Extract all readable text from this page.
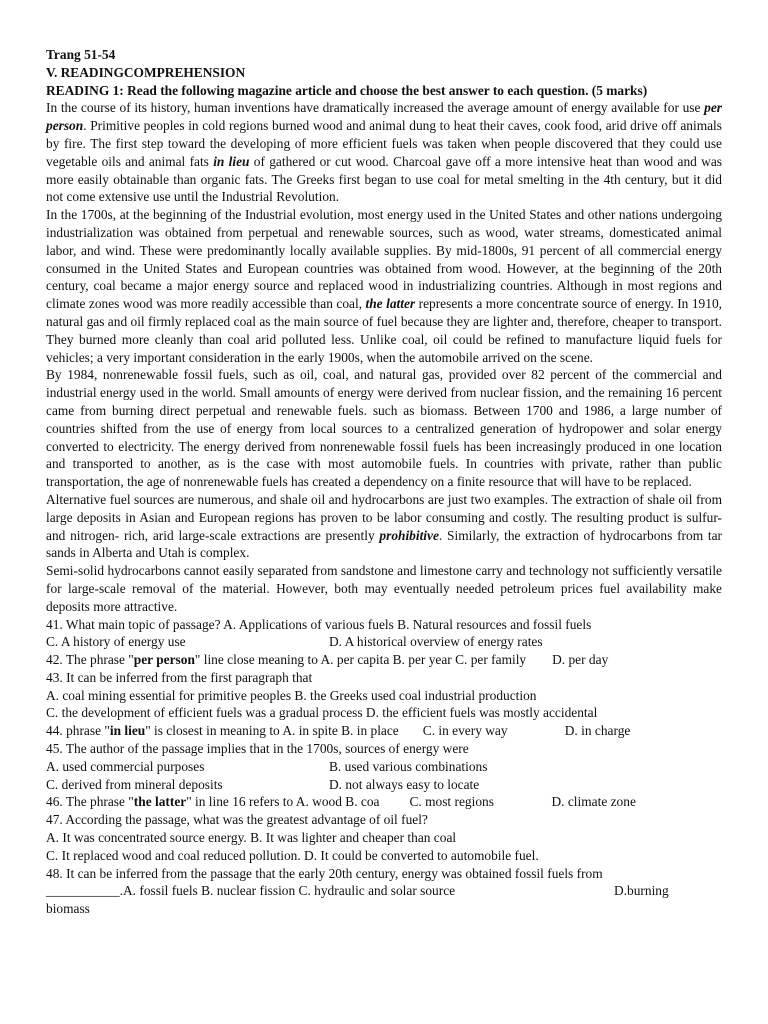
Trang 51-54
V. READINGCOMPREHENSION
READING 1: Read the following magazine article and choose the best answer to each question. (5 marks)

In the course of its history, human inventions have dramatically increased the average amount of energy available for use per person. Primitive peoples in cold regions burned wood and animal dung to heat their caves, cook food, arid drive off animals by fire. The first step toward the developing of more efficient fuels was taken when people discovered that they could use vegetable oils and animal fats in lieu of gathered or cut wood. Charcoal gave off a more intensive heat than wood and was more easily obtainable than organic fats. The Greeks first began to use coal for metal smelting in the 4th century, but it did not come extensive use until the Industrial Revolution.

In the 1700s, at the beginning of the Industrial evolution, most energy used in the United States and other nations undergoing industrialization was obtained from perpetual and renewable sources, such as wood, water streams, domesticated animal labor, and wind. These were predominantly locally available supplies. By mid-1800s, 91 percent of all commercial energy consumed in the United States and European countries was obtained from wood. However, at the beginning of the 20th century, coal became a major energy source and replaced wood in industrializing countries. Although in most regions and climate zones wood was more readily accessible than coal, the latter represents a more concentrate source of energy. In 1910, natural gas and oil firmly replaced coal as the main source of fuel because they are lighter and, therefore, cheaper to transport. They burned more cleanly than coal arid polluted less. Unlike coal, oil could be refined to manufacture liquid fuels for vehicles; a very important consideration in the early 1900s, when the automobile arrived on the scene.

By 1984, nonrenewable fossil fuels, such as oil, coal, and natural gas, provided over 82 percent of the commercial and industrial energy used in the world. Small amounts of energy were derived from nuclear fission, and the remaining 16 percent came from burning direct perpetual and renewable fuels. such as biomass. Between 1700 and 1986, a large number of countries shifted from the use of energy from local sources to a centralized generation of hydropower and solar energy converted to electricity. The energy derived from nonrenewable fossil fuels has been increasingly produced in one location and transported to another, as is the case with most automobile fuels. In countries with private, rather than public transportation, the age of nonrenewable fuels has created a dependency on a finite resource that will have to be replaced.

Alternative fuel sources are numerous, and shale oil and hydrocarbons are just two examples. The extraction of shale oil from large deposits in Asian and European regions has proven to be labor consuming and costly. The resulting product is sulfur- and nitrogen- rich, arid large-scale extractions are presently prohibitive. Similarly, the extraction of hydrocarbons from tar sands in Alberta and Utah is complex.

Semi-solid hydrocarbons cannot easily separated from sandstone and limestone carry and technology not sufficiently versatile for large-scale removal of the material. However, both may eventually needed petroleum prices fuel availability make deposits more attractive.

41. What main topic of passage? A. Applications of various fuels B. Natural resources and fossil fuels
C. A history of energy use	D. A historical overview of energy rates
42. The phrase "per person" line close meaning to A. per capita B. per year C. per family D. per day
43. It can be inferred from the first paragraph that
A. coal mining essential for primitive peoples B. the Greeks used coal industrial production
C. the development of efficient fuels was a gradual process D. the efficient fuels was mostly accidental
44. phrase "in lieu" is closest in meaning to A. in spite B. in place C. in every way	D. in charge
45. The author of the passage implies that in the 1700s, sources of energy were
A. used commercial purposes	B. used various combinations
C. derived from mineral deposits	D. not always easy to locate
46. The phrase "the latter" in line 16 refers to A. wood B. coa C. most regions	D. climate zone
47. According the passage, what was the greatest advantage of oil fuel?
A. It was concentrated source energy. B. It was lighter and cheaper than coal
C. It replaced wood and coal reduced pollution. D. It could be converted to automobile fuel.
48. It can be inferred from the passage that the early 20th century, energy was obtained fossil fuels from
___________.A. fossil fuels B. nuclear fission C. hydraulic and solar source	D.burning
biomass
